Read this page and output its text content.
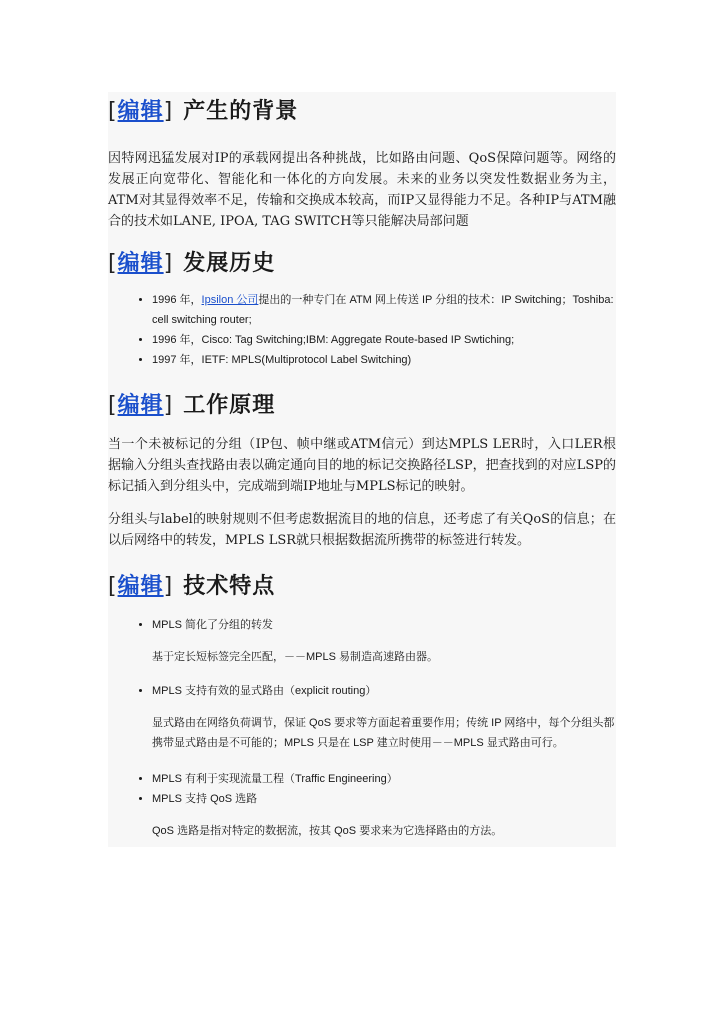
[编辑] 产生的背景

因特网迅猛发展对IP的承载网提出各种挑战，比如路由问题、QoS保障问题等。网络的发展正向宽带化、智能化和一体化的方向发展。未来的业务以突发性数据业务为主，ATM对其显得效率不足，传输和交换成本较高，而IP又显得能力不足。各种IP与ATM融合的技术如LANE, IPOA, TAG SWITCH等只能解决局部问题

[编辑] 发展历史
• 1996 年，Ipsilon 公司提出的一种专门在 ATM 网上传送 IP 分组的技术：IP Switching；Toshiba: cell switching router;
• 1996 年，Cisco: Tag Switching;IBM: Aggregate Route-based IP Swtiching;
• 1997 年，IETF: MPLS(Multiprotocol Label Switching)
[编辑] 工作原理

当一个未被标记的分组（IP包、帧中继或ATM信元）到达MPLS LER时，入口LER根据输入分组头查找路由表以确定通向目的地的标记交换路径LSP，把查找到的对应LSP的标记插入到分组头中，完成端到端IP地址与MPLS标记的映射。

分组头与label的映射规则不但考虑数据流目的地的信息，还考虑了有关QoS的信息；在以后网络中的转发，MPLS LSR就只根据数据流所携带的标签进行转发。

[编辑] 技术特点
• MPLS 简化了分组的转发

基于定长短标签完全匹配，－－MPLS 易制造高速路由器。

• MPLS 支持有效的显式路由（explicit routing）

显式路由在网络负荷调节，保证 QoS 要求等方面起着重要作用；传统 IP 网络中，每个分组头都携带显式路由是不可能的；MPLS 只是在 LSP 建立时使用－－MPLS 显式路由可行。

• MPLS 有利于实现流量工程（Traffic Engineering）
• MPLS 支持 QoS 选路

QoS 选路是指对特定的数据流，按其 QoS 要求来为它选择路由的方法。
